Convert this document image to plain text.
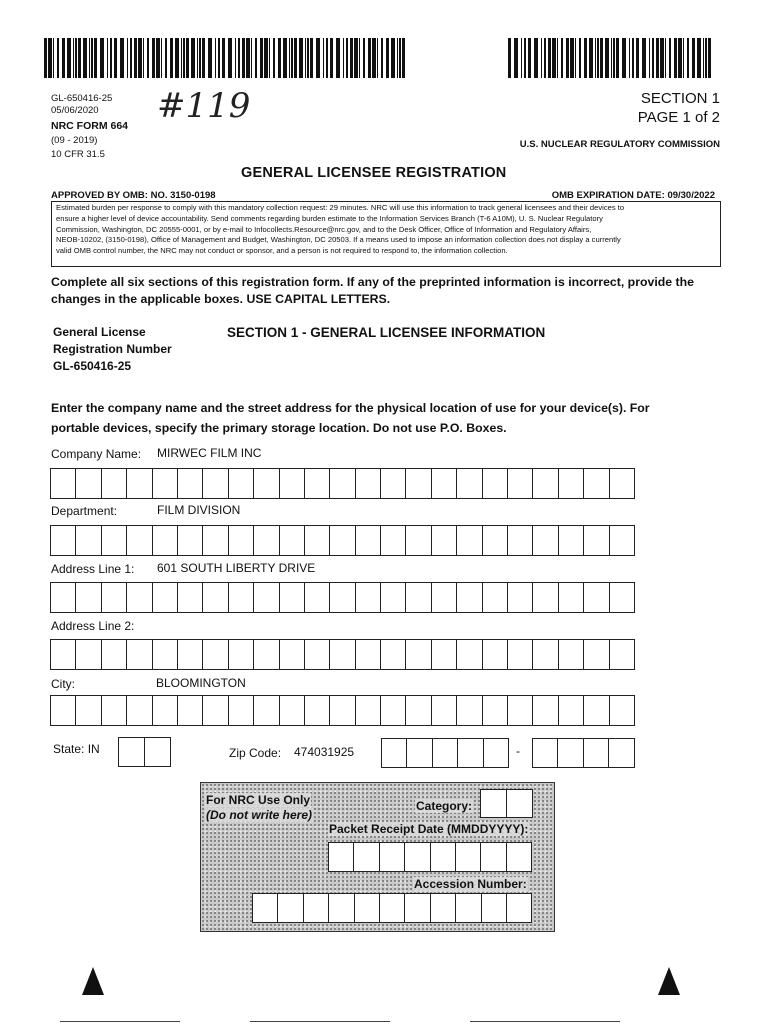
GL-650416-25
05/06/2020
NRC FORM 664
(09 - 2019)
10 CFR 31.5
#119	SECTION 1
PAGE 1 of 2
U.S. NUCLEAR REGULATORY COMMISSION
GENERAL LICENSEE REGISTRATION
APPROVED BY OMB: NO. 3150-0198	OMB EXPIRATION DATE: 09/30/2022
Estimated burden per response to comply with this mandatory collection request: 29 minutes. NRC will use this information to track general licensees and their devices to
ensure a higher level of device accountability. Send comments regarding burden estimate to the Information Services Branch (T-6 A10M), U. S. Nuclear Regulatory
Commission, Washington, DC 20555-0001, or by e-mail to Infocollects.Resource@nrc.gov, and to the Desk Officer, Office of Information and Regulatory Affairs,
NEOB-10202, (3150-0198), Office of Management and Budget, Washington, DC 20503. If a means used to impose an information collection does not display a currently
valid OMB control number, the NRC may not conduct or sponsor, and a person is not required to respond to, the information collection.
Complete all six sections of this registration form. If any of the preprinted information is incorrect, provide the
changes in the applicable boxes. USE CAPITAL LETTERS.
General License
Registration Number
GL-650416-25
SECTION 1 - GENERAL LICENSEE INFORMATION
Enter the company name and the street address for the physical location of use for your device(s). For
portable devices, specify the primary storage location. Do not use P.O. Boxes.
Company Name: MIRWEC FILM INC
Department:	FILM DIVISION
Address Line 1: 601 SOUTH LIBERTY DRIVE
Address Line 2:
City:	BLOOMINGTON
State: IN	Zip Code: 474031925	-
For NRC Use Only
(Do not write here)
Category:
Packet Receipt Date (MMDDYYYY):
Accession Number:
